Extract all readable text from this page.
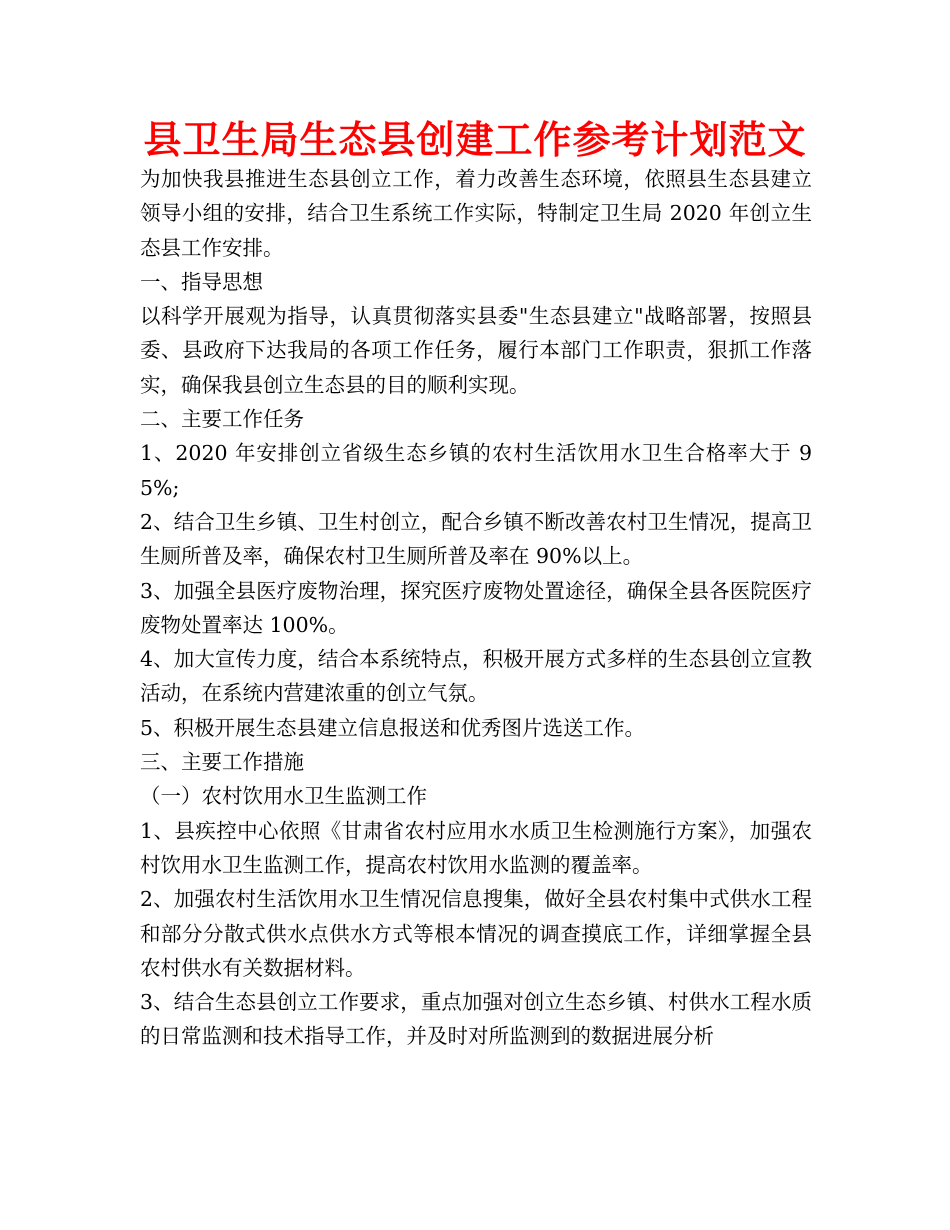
县卫生局生态县创建工作参考计划范文

为加快我县推进生态县创立工作，着力改善生态环境，依照县生态县建立领导小组的安排，结合卫生系统工作实际，特制定卫生局 2020 年创立生态县工作安排。

一、指导思想

以科学开展观为指导，认真贯彻落实县委"生态县建立"战略部署，按照县委、县政府下达我局的各项工作任务，履行本部门工作职责，狠抓工作落实，确保我县创立生态县的目的顺利实现。

二、主要工作任务

1、2020 年安排创立省级生态乡镇的农村生活饮用水卫生合格率大于 95%;

2、结合卫生乡镇、卫生村创立，配合乡镇不断改善农村卫生情况，提高卫生厕所普及率，确保农村卫生厕所普及率在 90%以上。

3、加强全县医疗废物治理，探究医疗废物处置途径，确保全县各医院医疗废物处置率达 100%。

4、加大宣传力度，结合本系统特点，积极开展方式多样的生态县创立宣教活动，在系统内营建浓重的创立气氛。

5、积极开展生态县建立信息报送和优秀图片选送工作。

三、主要工作措施

（一）农村饮用水卫生监测工作

1、县疾控中心依照《甘肃省农村应用水水质卫生检测施行方案》，加强农村饮用水卫生监测工作，提高农村饮用水监测的覆盖率。

2、加强农村生活饮用水卫生情况信息搜集，做好全县农村集中式供水工程和部分分散式供水点供水方式等根本情况的调查摸底工作，详细掌握全县农村供水有关数据材料。

3、结合生态县创立工作要求，重点加强对创立生态乡镇、村供水工程水质的日常监测和技术指导工作，并及时对所监测到的数据进展分析
